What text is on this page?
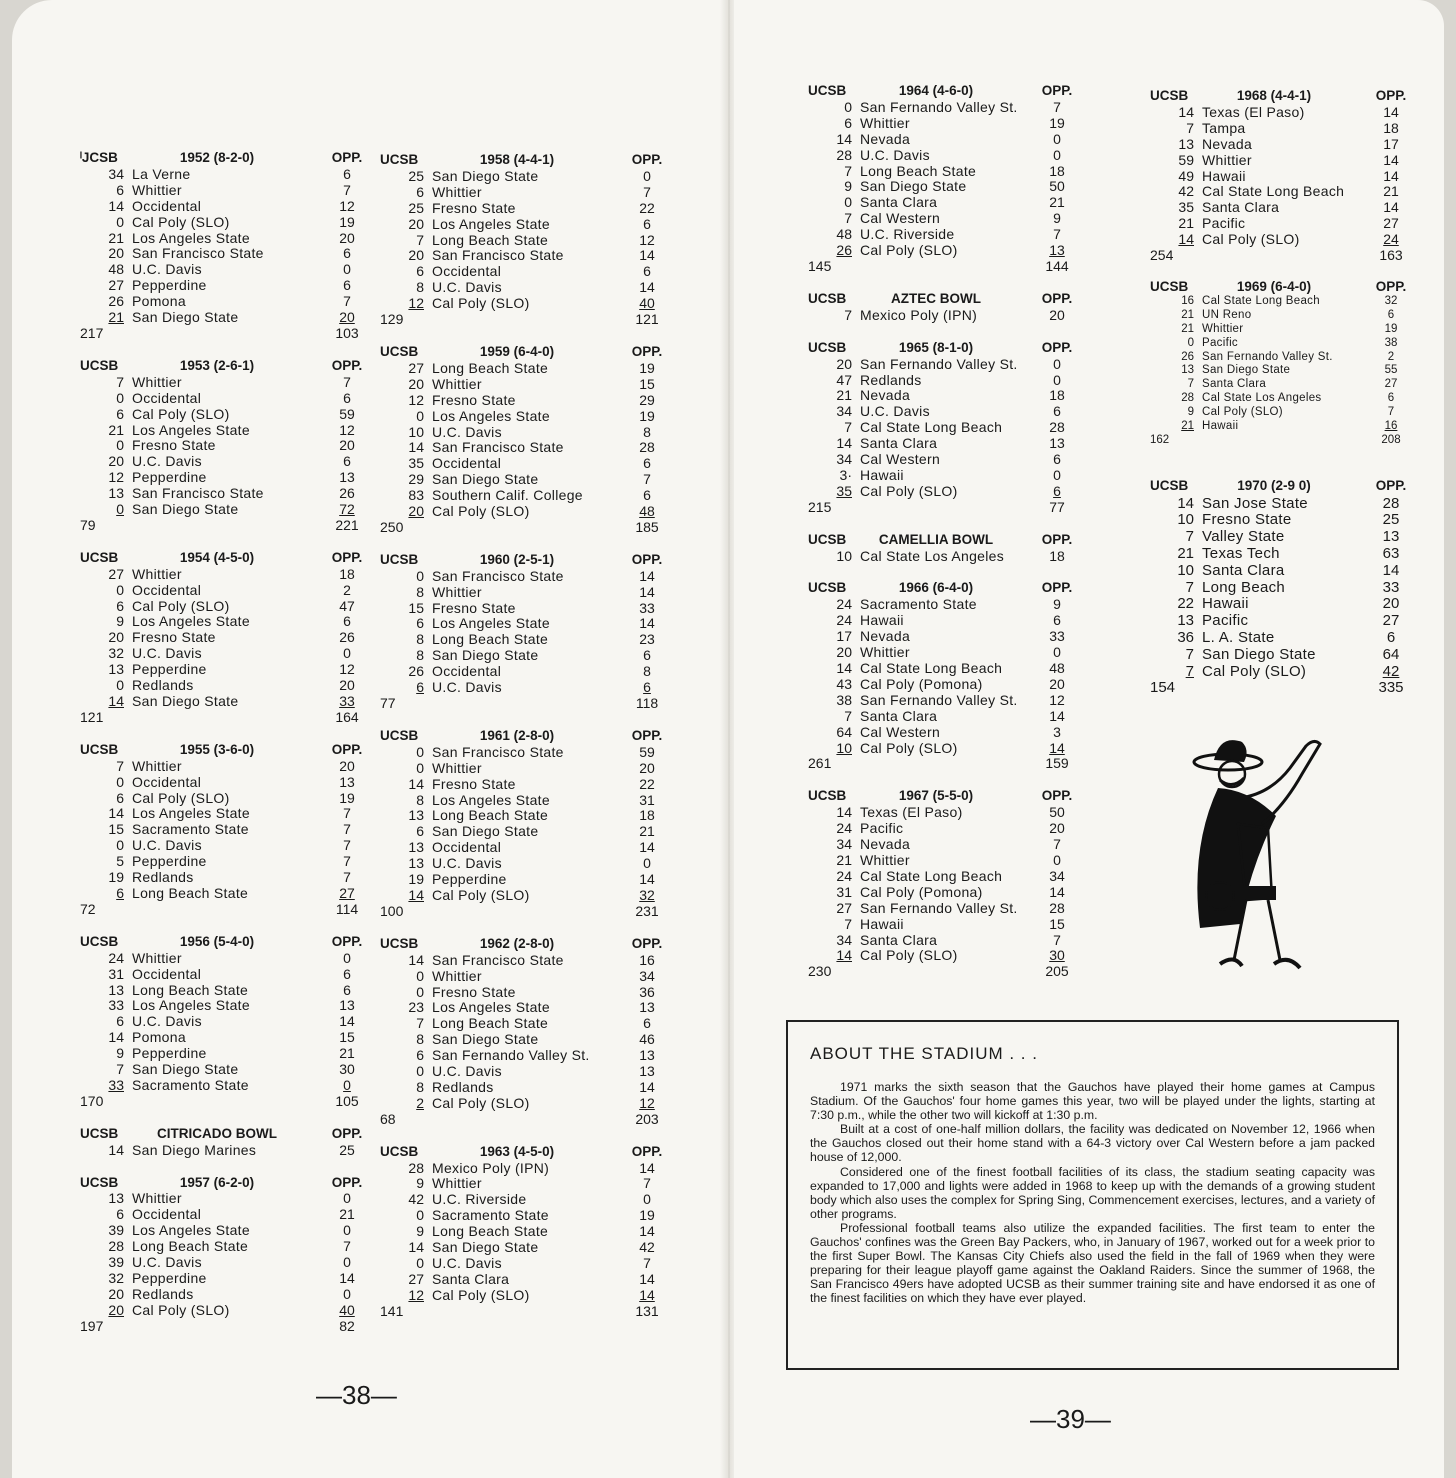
ˡJCSB	1952 (8-2-0)	OPP.
34 La Verne	6
6 Whittier	7
14 Occidental	12
0 Cal Poly (SLO)	19
21 Los Angeles State	20
20 San Francisco State	6
48 U.C. Davis	0
27 Pepperdine	6
26 Pomona	7
21 San Diego State	20
217	103
UCSB	1953 (2-6-1)	OPP.
7 Whittier	7
0 Occidental	6
6 Cal Poly (SLO)	59
21 Los Angeles State	12
0 Fresno State	20
20 U.C. Davis	6
12 Pepperdine	13
13 San Francisco State	26
0 San Diego State	72
79	221
UCSB	1954 (4-5-0)	OPP.
27 Whittier	18
0 Occidental	2
6 Cal Poly (SLO)	47
9 Los Angeles State	6
20 Fresno State	26
32 U.C. Davis	0
13 Pepperdine	12
0 Redlands	20
14 San Diego State	33
121	164
UCSB	1955 (3-6-0)	OPP.
7 Whittier	20
0 Occidental	13
6 Cal Poly (SLO)	19
14 Los Angeles State	7
15 Sacramento State	7
0 U.C. Davis	7
5 Pepperdine	7
19 Redlands	7
6 Long Beach State	27
72	114
UCSB	1956 (5-4-0)	OPP.
24 Whittier	0
31 Occidental	6
13 Long Beach State	6
33 Los Angeles State	13
6 U.C. Davis	14
14 Pomona	15
9 Pepperdine	21
7 San Diego State	30
33 Sacramento State	0
170	105
UCSB	CITRICADO BOWL	OPP.
14 San Diego Marines	25
UCSB	1957 (6-2-0)	OPP.
13 Whittier	0
6 Occidental	21
39 Los Angeles State	0
28 Long Beach State	7
39 U.C. Davis	0
32 Pepperdine	14
20 Redlands	0
20 Cal Poly (SLO)	40
197	82
UCSB	1958 (4-4-1)	OPP.
25 San Diego State	0
6 Whittier	7
25 Fresno State	22
20 Los Angeles State	6
7 Long Beach State	12
20 San Francisco State	14
6 Occidental	6
8 U.C. Davis	14
12 Cal Poly (SLO)	40
129	121
UCSB	1959 (6-4-0)	OPP.
27 Long Beach State	19
20 Whittier	15
12 Fresno State	29
0 Los Angeles State	19
10 U.C. Davis	8
14 San Francisco State	28
35 Occidental	6
29 San Diego State	7
83 Southern Calif. College	6
20 Cal Poly (SLO)	48
250	185
UCSB	1960 (2-5-1)	OPP.
0 San Francisco State	14
8 Whittier	14
15 Fresno State	33
6 Los Angeles State	14
8 Long Beach State	23
8 San Diego State	6
26 Occidental	8
6 U.C. Davis	6
77	118
UCSB	1961 (2-8-0)	OPP.
0 San Francisco State	59
0 Whittier	20
14 Fresno State	22
8 Los Angeles State	31
13 Long Beach State	18
6 San Diego State	21
13 Occidental	14
13 U.C. Davis	0
19 Pepperdine	14
14 Cal Poly (SLO)	32
100	231
UCSB	1962 (2-8-0)	OPP.
14 San Francisco State	16
0 Whittier	34
0 Fresno State	36
23 Los Angeles State	13
7 Long Beach State	6
8 San Diego State	46
6 San Fernando Valley St.	13
0 U.C. Davis	13
8 Redlands	14
2 Cal Poly (SLO)	12
68	203
UCSB	1963 (4-5-0)	OPP.
28 Mexico Poly (IPN)	14
9 Whittier	7
42 U.C. Riverside	0
0 Sacramento State	19
9 Long Beach State	14
14 San Diego State	42
0 U.C. Davis	7
27 Santa Clara	14
12 Cal Poly (SLO)	14
141	131
UCSB	1964 (4-6-0)	OPP.
0 San Fernando Valley St.	7
6 Whittier	19
14 Nevada	0
28 U.C. Davis	0
7 Long Beach State	18
9 San Diego State	50
0 Santa Clara	21
7 Cal Western	9
48 U.C. Riverside	7
26 Cal Poly (SLO)	13
145	144
UCSB	AZTEC BOWL	OPP.
7 Mexico Poly (IPN)	20
UCSB	1965 (8-1-0)	OPP.
20 San Fernando Valley St.	0
47 Redlands	0
21 Nevada	18
34 U.C. Davis	6
7 Cal State Long Beach	28
14 Santa Clara	13
34 Cal Western	6
3· Hawaii	0
35 Cal Poly (SLO)	6
215	77
UCSB	CAMELLIA BOWL	OPP.
10 Cal State Los Angeles	18
UCSB	1966 (6-4-0)	OPP.
24 Sacramento State	9
24 Hawaii	6
17 Nevada	33
20 Whittier	0
14 Cal State Long Beach	48
43 Cal Poly (Pomona)	20
38 San Fernando Valley St.	12
7 Santa Clara	14
64 Cal Western	3
10 Cal Poly (SLO)	14
261	159
UCSB	1967 (5-5-0)	OPP.
14 Texas (El Paso)	50
24 Pacific	20
34 Nevada	7
21 Whittier	0
24 Cal State Long Beach	34
31 Cal Poly (Pomona)	14
27 San Fernando Valley St.	28
7 Hawaii	15
34 Santa Clara	7
14 Cal Poly (SLO)	30
230	205
UCSB	1968 (4-4-1)	OPP.
14 Texas (El Paso)	14
7 Tampa	18
13 Nevada	17
59 Whittier	14
49 Hawaii	14
42 Cal State Long Beach	21
35 Santa Clara	14
21 Pacific	27
14 Cal Poly (SLO)	24
254	163
UCSB	1969 (6-4-0)	OPP.
16 Cal State Long Beach	32
21 UN Reno	6
21 Whittier	19
0 Pacific	38
26 San Fernando Valley St.	2
13 San Diego State	55
7 Santa Clara	27
28 Cal State Los Angeles	6
9 Cal Poly (SLO)	7
21 Hawaii	16
162	208
UCSB	1970 (2-9 0)	OPP.
14 San Jose State	28
10 Fresno State	25
7 Valley State	13
21 Texas Tech	63
10 Santa Clara	14
7 Long Beach	33
22 Hawaii	20
13 Pacific	27
36 L. A. State	6
7 San Diego State	64
7 Cal Poly (SLO)	42
154	335
ABOUT THE STADIUM . . .

1971 marks the sixth season that the Gauchos have played their home games at Campus Stadium. Of the Gauchos' four home games this year, two will be played under the lights, starting at 7:30 p.m., while the other two will kickoff at 1:30 p.m.

Built at a cost of one-half million dollars, the facility was dedicated on November 12, 1966 when the Gauchos closed out their home stand with a 64-3 victory over Cal Western before a jam packed house of 12,000.

Considered one of the finest football facilities of its class, the stadium seating capacity was expanded to 17,000 and lights were added in 1968 to keep up with the demands of a growing student body which also uses the complex for Spring Sing, Commencement exercises, lectures, and a variety of other programs.

Professional football teams also utilize the expanded facilities. The first team to enter the Gauchos' confines was the Green Bay Packers, who, in January of 1967, worked out for a week prior to the first Super Bowl. The Kansas City Chiefs also used the field in the fall of 1969 when they were preparing for their league playoff game against the Oakland Raiders. Since the summer of 1968, the San Francisco 49ers have adopted UCSB as their summer training site and have endorsed it as one of the finest facilities on which they have ever played.

—38—
—39—
